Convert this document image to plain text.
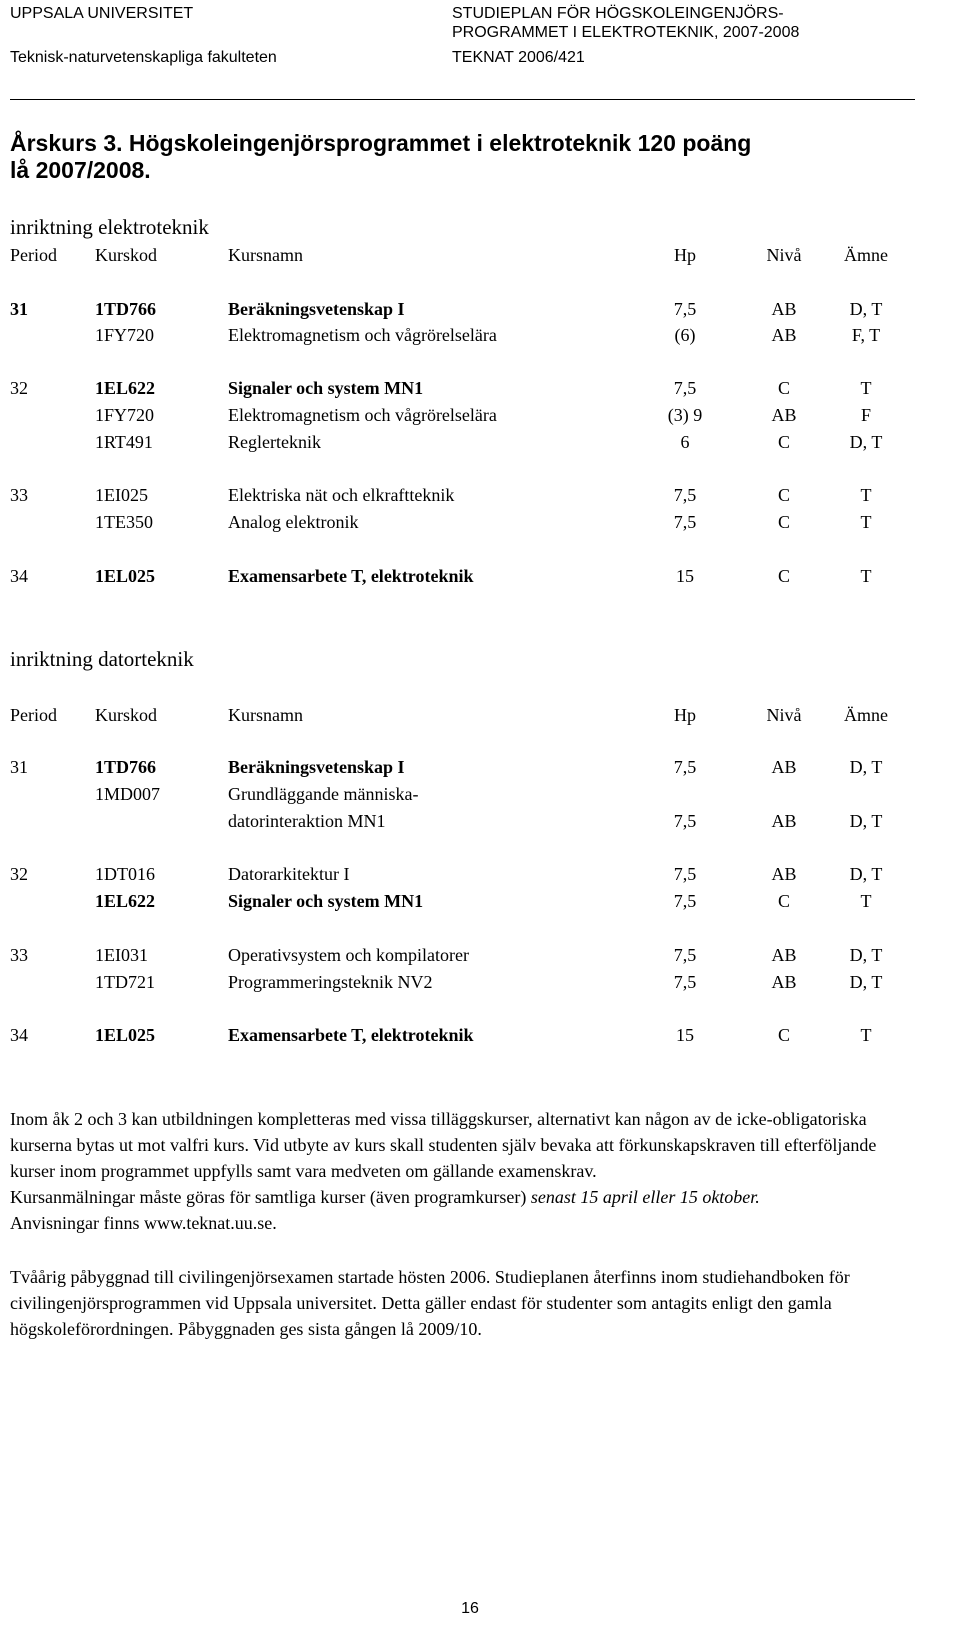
UPPSALA UNIVERSITET
Teknisk-naturvetenskapliga fakulteten
STUDIEPLAN FÖR HÖGSKOLEINGENJÖRS-
PROGRAMMET I ELEKTROTEKNIK, 2007-2008
TEKNAT 2006/421
Årskurs 3. Högskoleingenjörsprogrammet i elektroteknik 120 poäng
lå 2007/2008.
inriktning elektroteknik
Period Kurskod	Kursnamn	Hp	Nivå	Ämne
31	1TD766	Beräkningsvetenskap I	7,5	AB	D, T
1FY720	Elektromagnetism och vågrörelselära	(6)	AB	F, T
32	1EL622	Signaler och system MN1	7,5	C	T
1FY720	Elektromagnetism och vågrörelselära	(3) 9	AB	F
1RT491	Reglerteknik	6	C	D, T
33	1EI025	Elektriska nät och elkraftteknik	7,5	C	T
1TE350	Analog elektronik	7,5	C	T
34	1EL025	Examensarbete T, elektroteknik	15	C	T
inriktning datorteknik
Period Kurskod	Kursnamn	Hp	Nivå	Ämne
31	1TD766	Beräkningsvetenskap I	7,5	AB	D, T
1MD007	Grundläggande människa-
datorinteraktion MN1	7,5	AB	D, T
32	1DT016	Datorarkitektur I	7,5	AB	D, T
1EL622	Signaler och system MN1	7,5	C	T
33	1EI031	Operativsystem och kompilatorer	7,5	AB	D, T
1TD721	Programmeringsteknik NV2	7,5	AB	D, T
34	1EL025	Examensarbete T, elektroteknik	15	C	T

Inom åk 2 och 3 kan utbildningen kompletteras med vissa tilläggskurser, alternativt kan någon av de icke-obligatoriska kurserna bytas ut mot valfri kurs. Vid utbyte av kurs skall studenten själv bevaka att förkunskapskraven till efterföljande kurser inom programmet uppfylls samt vara medveten om gällande examenskrav.

Kursanmälningar måste göras för samtliga kurser (även programkurser) senast 15 april eller 15 oktober.
Anvisningar finns www.teknat.uu.se.

Tvåårig påbyggnad till civilingenjörsexamen startade hösten 2006. Studieplanen återfinns inom studiehandboken för civilingenjörsprogrammen vid Uppsala universitet. Detta gäller endast för studenter som antagits enligt den gamla högskoleförordningen. Påbyggnaden ges sista gången lå 2009/10.

16
